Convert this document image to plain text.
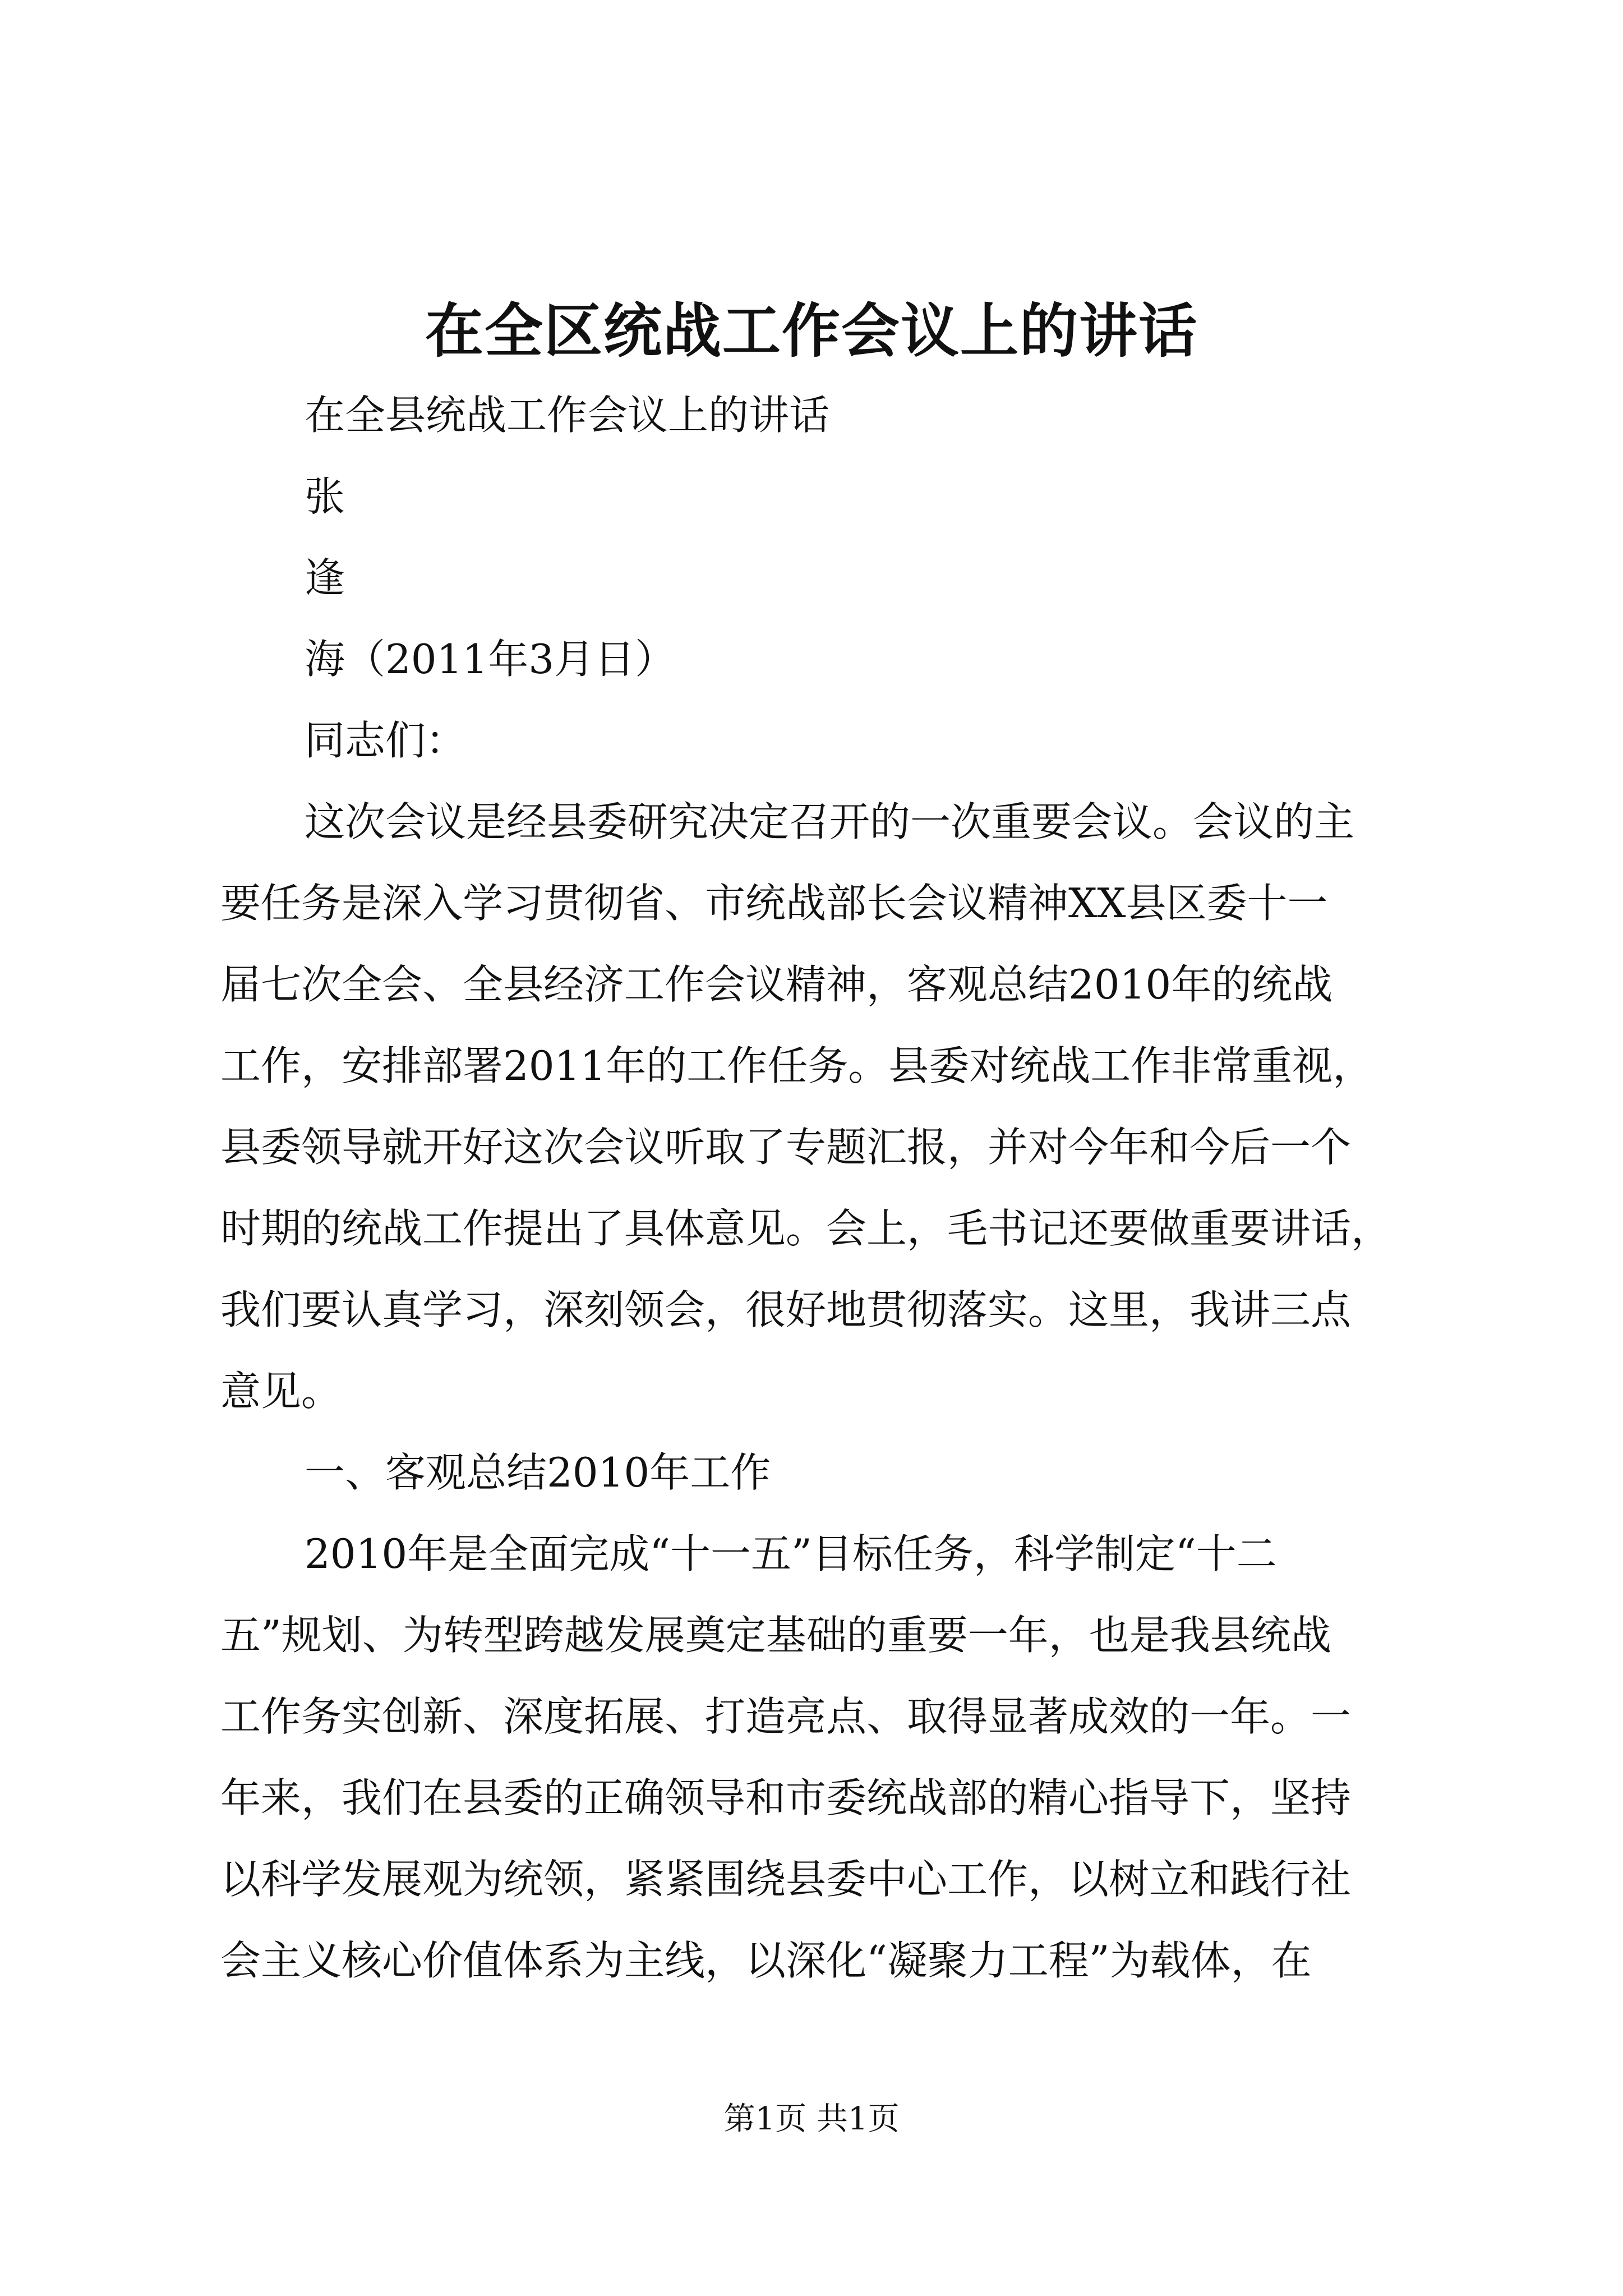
在全区统战工作会议上的讲话
在全县统战工作会议上的讲话
张
逢
海（2011年3月日）
同志们：
这次会议是经县委研究决定召开的一次重要会议。会议的主
要任务是深入学习贯彻省、市统战部长会议精神XX县区委十一
届七次全会、全县经济工作会议精神，客观总结2010年的统战
工作，安排部署2011年的工作任务。县委对统战工作非常重视，
县委领导就开好这次会议听取了专题汇报，并对今年和今后一个
时期的统战工作提出了具体意见。会上，毛书记还要做重要讲话，
我们要认真学习，深刻领会，很好地贯彻落实。这里，我讲三点
意见。
一、客观总结2010年工作
2010年是全面完成“十一五”目标任务，科学制定“十二
五”规划、为转型跨越发展奠定基础的重要一年，也是我县统战
工作务实创新、深度拓展、打造亮点、取得显著成效的一年。一
年来，我们在县委的正确领导和市委统战部的精心指导下，坚持
以科学发展观为统领，紧紧围绕县委中心工作，以树立和践行社
会主义核心价值体系为主线，以深化“凝聚力工程”为载体，在
第1页 共1页
